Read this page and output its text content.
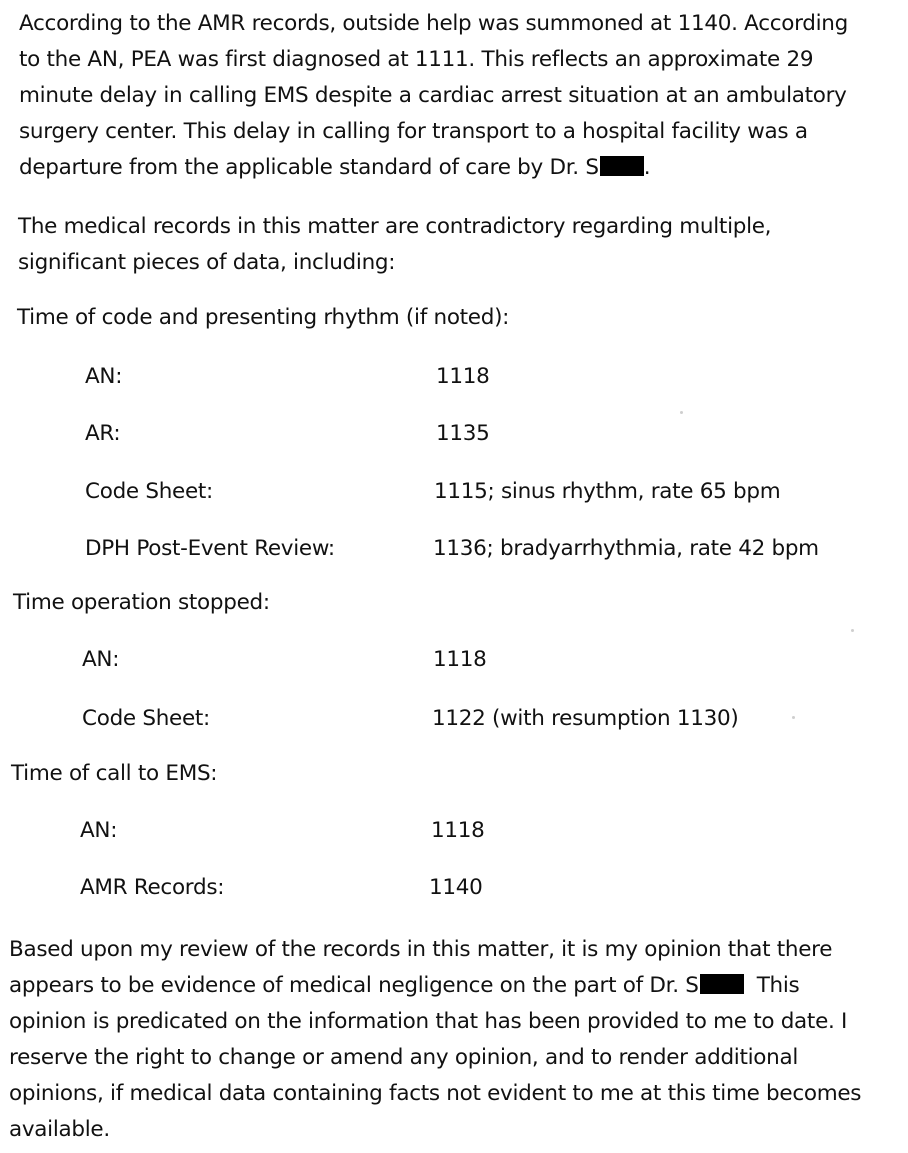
According to the AMR records, outside help was summoned at 1140. According
to the AN, PEA was first diagnosed at 1111. This reflects an approximate 29
minute delay in calling EMS despite a cardiac arrest situation at an ambulatory
surgery center. This delay in calling for transport to a hospital facility was a
departure from the applicable standard of care by Dr. S .
The medical records in this matter are contradictory regarding multiple,
significant pieces of data, including:
Time of code and presenting rhythm (if noted):
AN:	1118
AR:	1135
Code Sheet:	1115; sinus rhythm, rate 65 bpm
DPH Post-Event Review:	1136; bradyarrhythmia, rate 42 bpm
Time operation stopped:
AN:	1118
Code Sheet:	1122 (with resumption 1130)
Time of call to EMS:
AN:	1118
AMR Records:	1140
Based upon my review of the records in this matter, it is my opinion that there
appears to be evidence of medical negligence on the part of Dr. S  This
opinion is predicated on the information that has been provided to me to date. I
reserve the right to change or amend any opinion, and to render additional
opinions, if medical data containing facts not evident to me at this time becomes
available.
